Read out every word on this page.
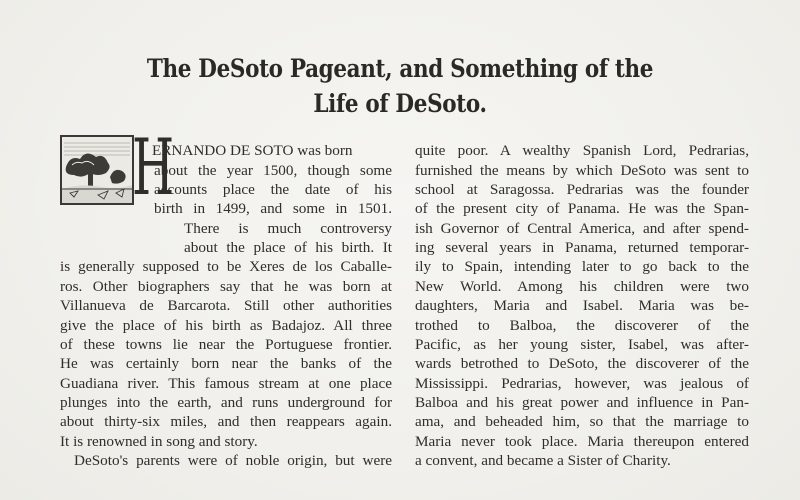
The DeSoto Pageant, and Something of the
Life of DeSoto.
H
ERNANDO DE SOTO was born
about the year 1500, though some
accounts place the date of his
birth in 1499, and some in 1501.
There is much controversy
about the place of his birth. It
is generally supposed to be Xeres de los Caballe-
ros. Other biographers say that he was born at
Villanueva de Barcarota. Still other authorities
give the place of his birth as Badajoz. All three
of these towns lie near the Portuguese frontier.
He was certainly born near the banks of the
Guadiana river. This famous stream at one place
plunges into the earth, and runs underground for
about thirty-six miles, and then reappears again.
It is renowned in song and story.
DeSoto's parents were of noble origin, but were
quite poor. A wealthy Spanish Lord, Pedrarias,
furnished the means by which DeSoto was sent to
school at Saragossa. Pedrarias was the founder
of the present city of Panama. He was the Span-
ish Governor of Central America, and after spend-
ing several years in Panama, returned temporar-
ily to Spain, intending later to go back to the
New World. Among his children were two
daughters, Maria and Isabel. Maria was be-
trothed to Balboa, the discoverer of the
Pacific, as her young sister, Isabel, was after-
wards betrothed to DeSoto, the discoverer of the
Mississippi. Pedrarias, however, was jealous of
Balboa and his great power and influence in Pan-
ama, and beheaded him, so that the marriage to
Maria never took place. Maria thereupon entered
a convent, and became a Sister of Charity.
